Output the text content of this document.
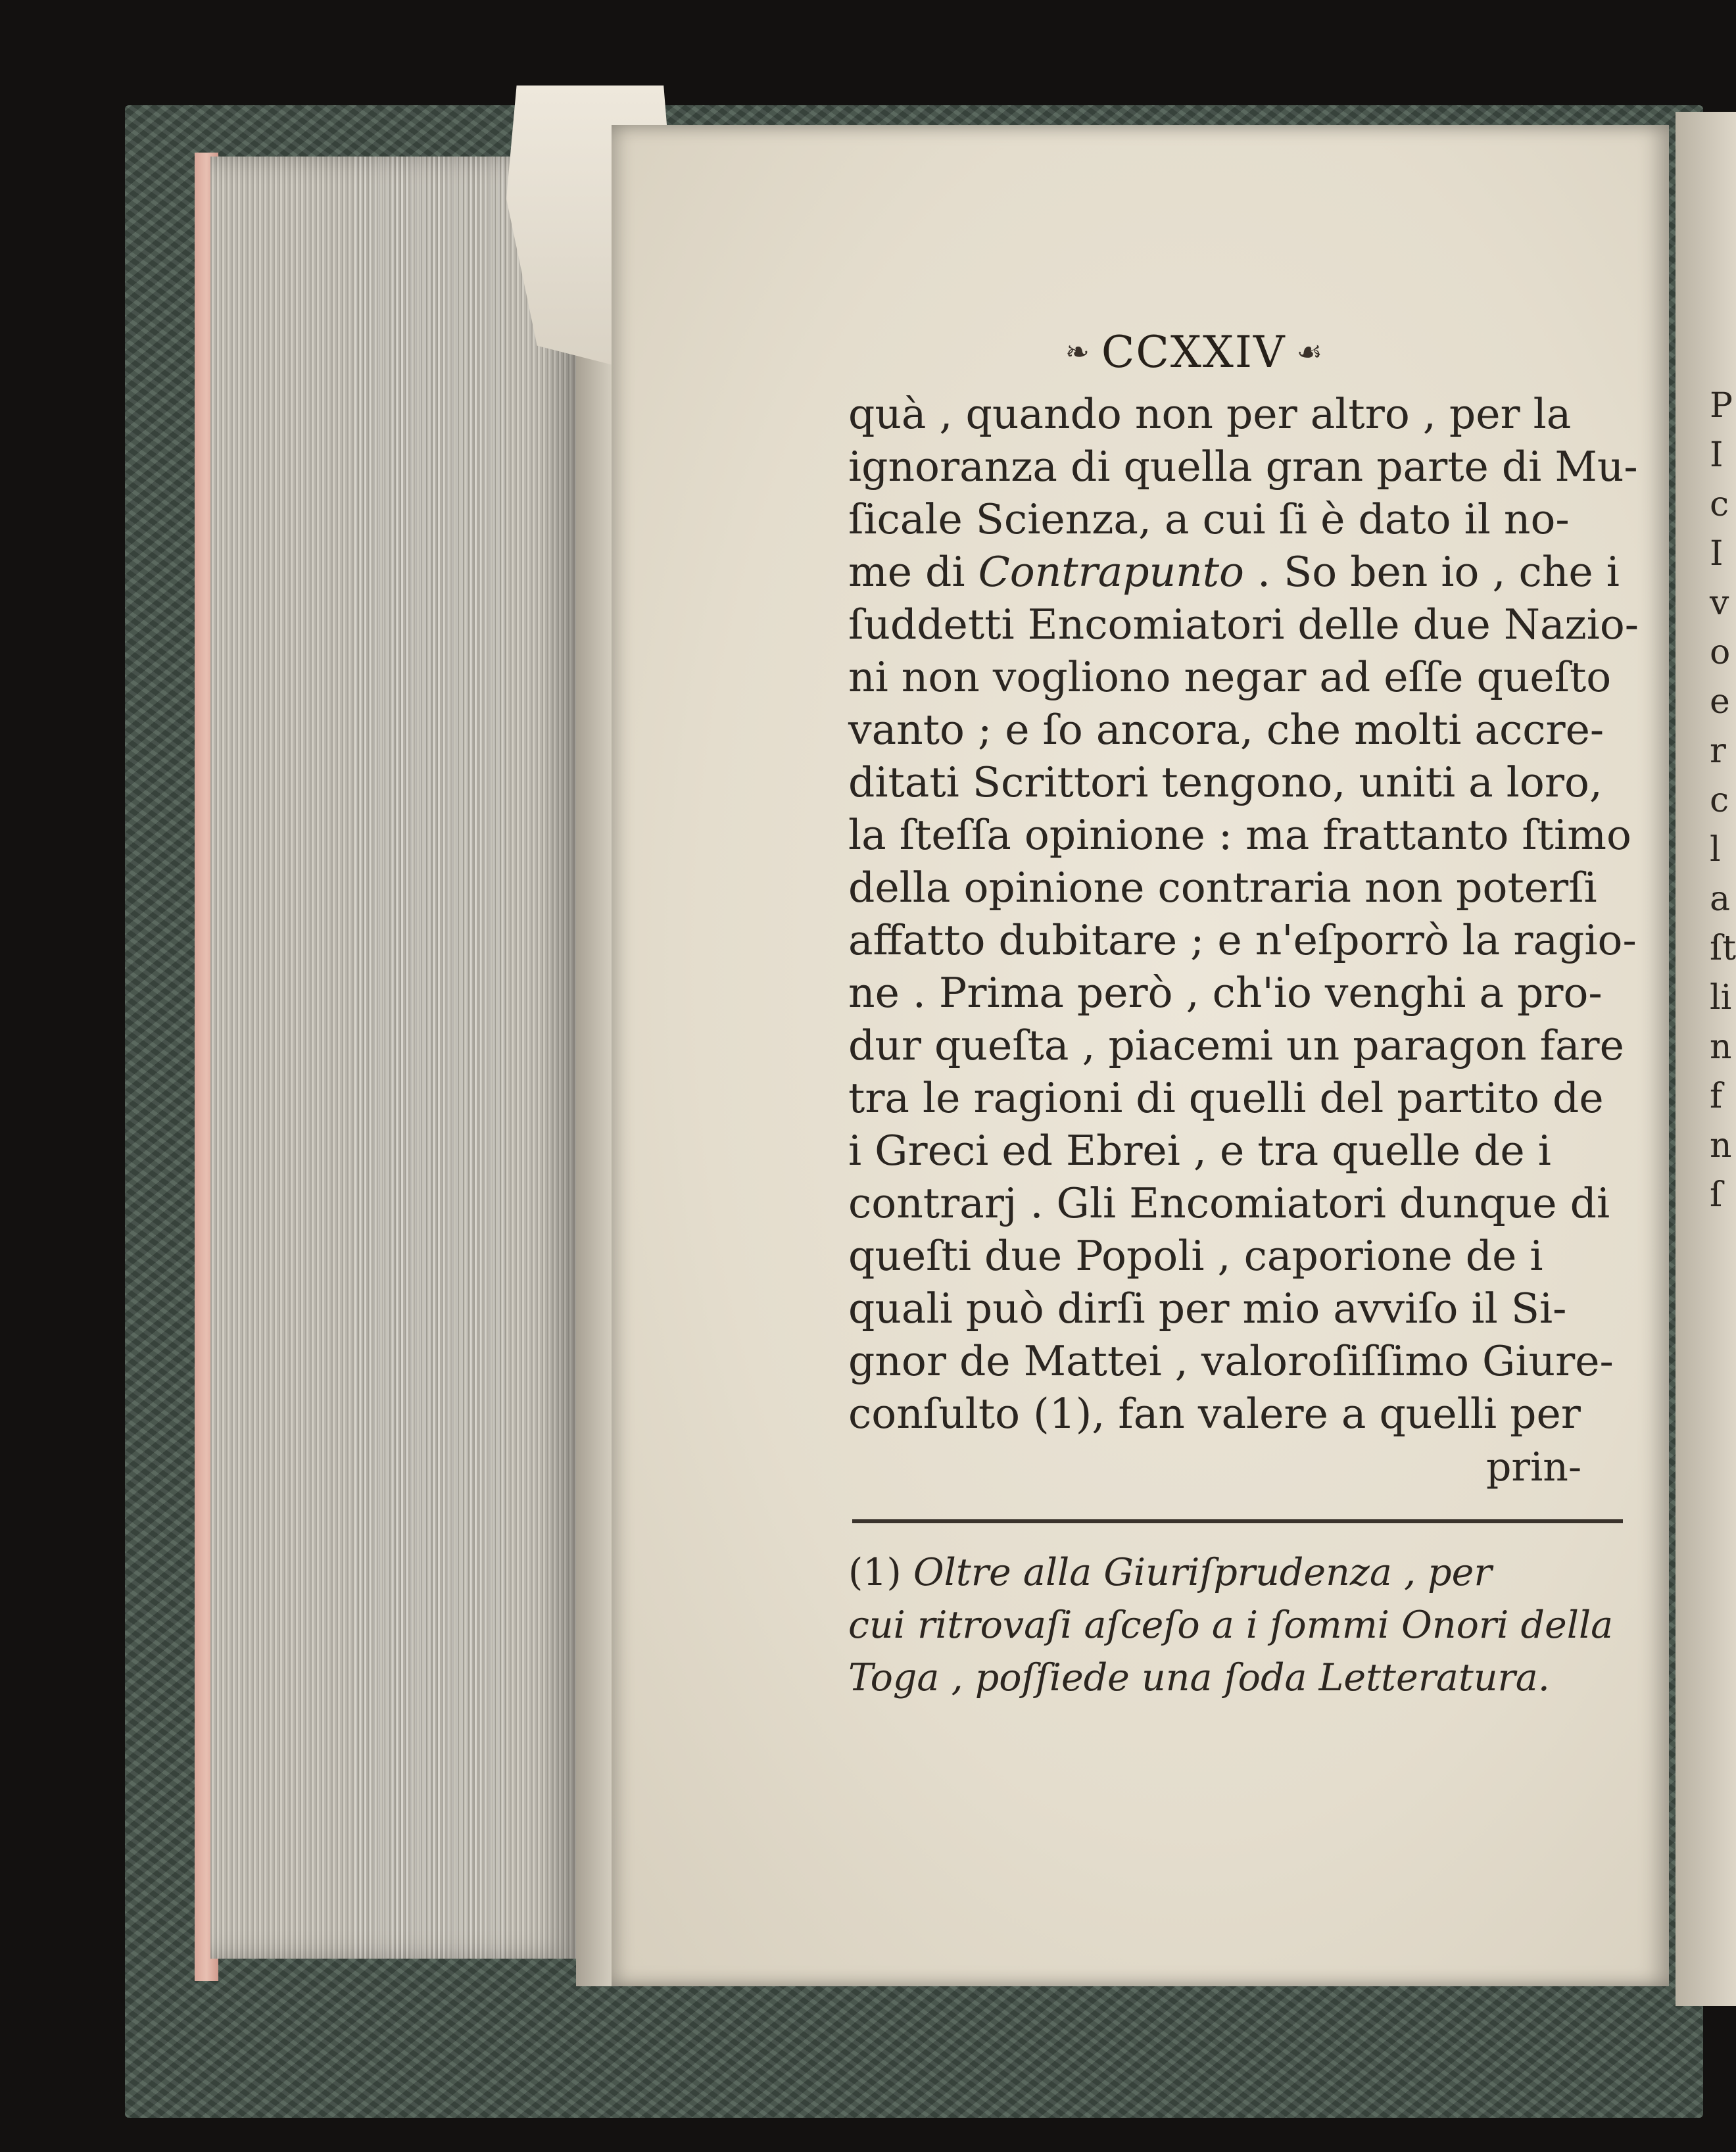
❧ CCXXIV ☙
quà , quando non per altro , per la
ignoranza di quella gran parte di Mu-
ſicale Scienza, a cui ſi è dato il no-
me di Contrapunto . So ben io , che i
ſuddetti Encomiatori delle due Nazio-
ni non vogliono negar ad eſſe queſto
vanto ; e ſo ancora, che molti accre-
ditati Scrittori tengono, uniti a loro,
la ſteſſa opinione : ma frattanto ſtimo
della opinione contraria non poterſi
affatto dubitare ; e n'eſporrò la ragio-
ne . Prima però , ch'io venghi a pro-
dur queſta , piacemi un paragon fare
tra le ragioni di quelli del partito de
i Greci ed Ebrei , e tra quelle de i
contrarj . Gli Encomiatori dunque di
queſti due Popoli , caporione de i
quali può dirſi per mio avviſo il Si-
gnor de Mattei , valoroſiſſimo Giure-
conſulto (1), fan valere a quelli per
prin-
(1) Oltre alla Giuriſprudenza , per
cui ritrovaſi aſceſo a i ſommi Onori della
Toga , poſſiede una ſoda Letteratura.
P
I
c
I
v
o
e
r
c
l
a
ſt
li
n
f
n
ſ
